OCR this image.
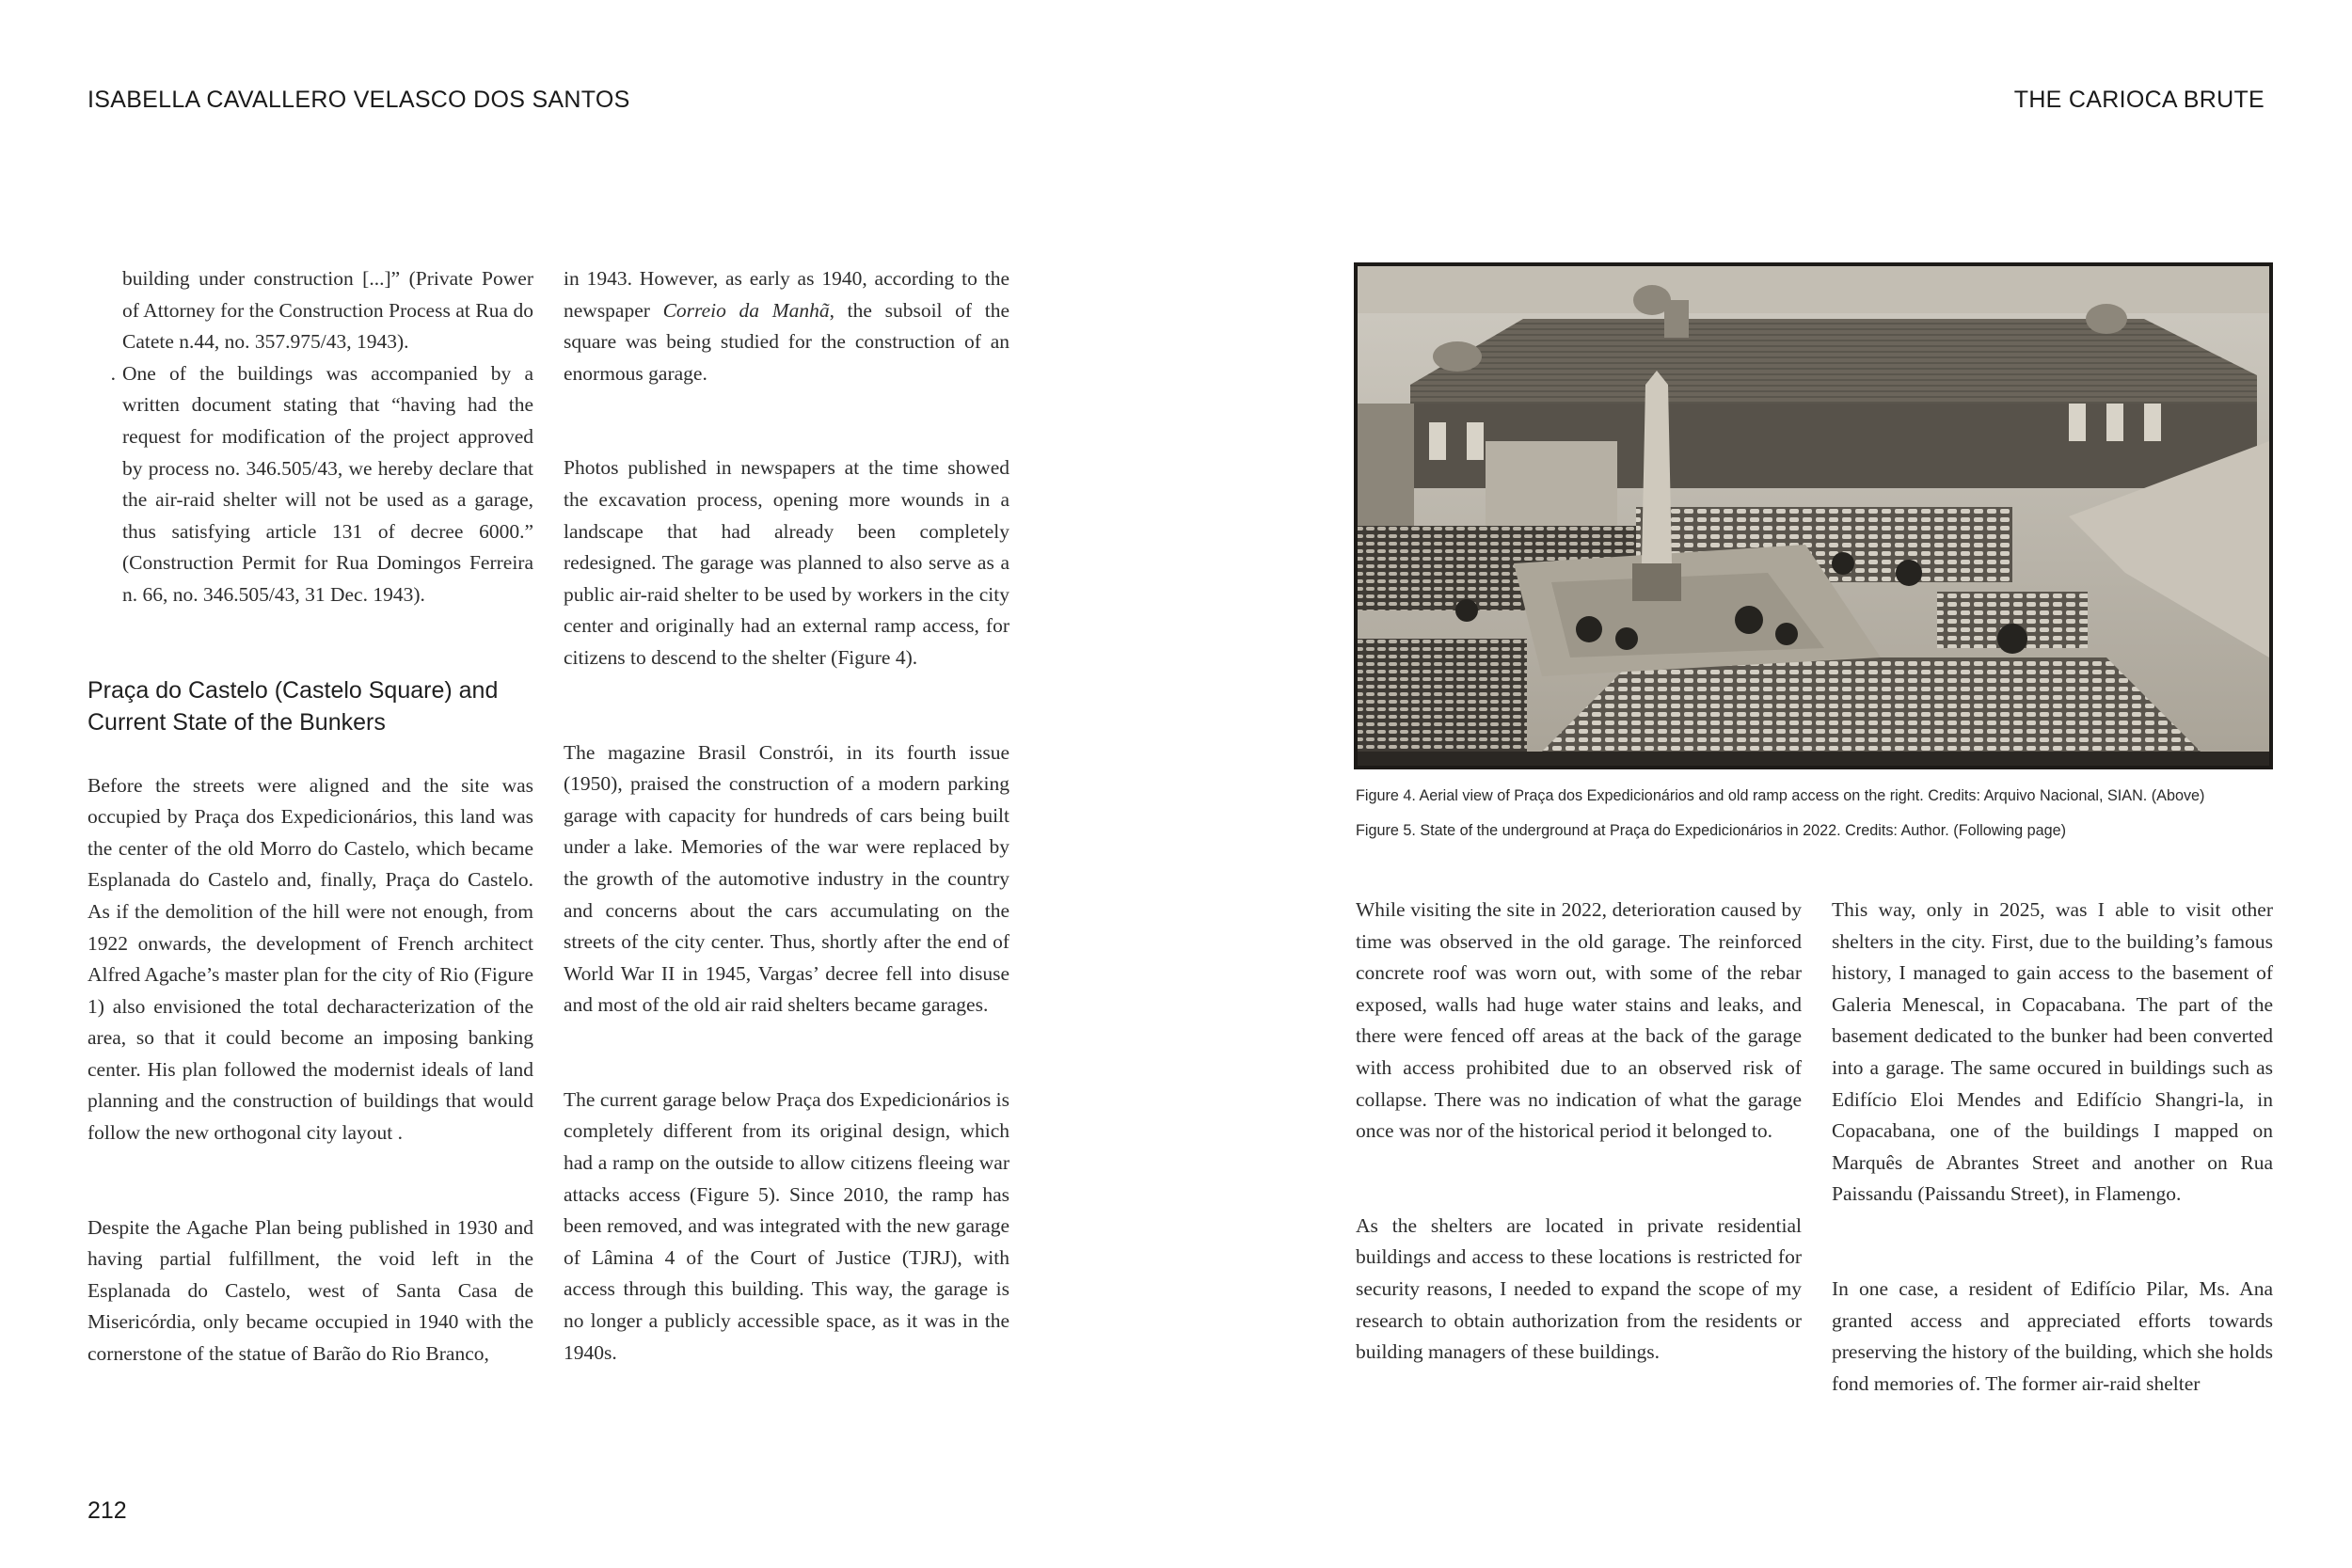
ISABELLA CAVALLERO VELASCO DOS SANTOS	THE CARIOCA BRUTE
building under construction [...]” (Private Power of Attorney for the Construction Process at Rua do Catete n.44, no. 357.975/43, 1943).
. One of the buildings was accompanied by a written document stating that “having had the request for modification of the project approved by process no. 346.505/43, we hereby declare that the air-raid shelter will not be used as a garage, thus satisfying article 131 of decree 6000.” (Construction Permit for Rua Domingos Ferreira n. 66, no. 346.505/43, 31 Dec. 1943).
Praça do Castelo (Castelo Square) and Current State of the Bunkers

Before the streets were aligned and the site was occupied by Praça dos Expedicionários, this land was the center of the old Morro do Castelo, which became Esplanada do Castelo and, finally, Praça do Castelo. As if the demolition of the hill were not enough, from 1922 onwards, the development of French architect Alfred Agache’s master plan for the city of Rio (Figure 1) also envisioned the total decharacterization of the area, so that it could become an imposing banking center. His plan followed the modernist ideals of land planning and the construction of buildings that would follow the new orthogonal city layout .

Despite the Agache Plan being published in 1930 and having partial fulfillment, the void left in the Esplanada do Castelo, west of Santa Casa de Misericórdia, only became occupied in 1940 with the cornerstone of the statue of Barão do Rio Branco,

in 1943. However, as early as 1940, according to the newspaper Correio da Manhã, the subsoil of the square was being studied for the construction of an enormous garage.

Photos published in newspapers at the time showed the excavation process, opening more wounds in a landscape that had already been completely redesigned. The garage was planned to also serve as a public air-raid shelter to be used by workers in the city center and originally had an external ramp access, for citizens to descend to the shelter (Figure 4).

The magazine Brasil Constrói, in its fourth issue (1950), praised the construction of a modern parking garage with capacity for hundreds of cars being built under a lake. Memories of the war were replaced by the growth of the automotive industry in the country and concerns about the cars accumulating on the streets of the city center. Thus, shortly after the end of World War II in 1945, Vargas’ decree fell into disuse and most of the old air raid shelters became garages.

The current garage below Praça dos Expedicionários is completely different from its original design, which had a ramp on the outside to allow citizens fleeing war attacks access (Figure 5). Since 2010, the ramp has been removed, and was integrated with the new garage of Lâmina 4 of the Court of Justice (TJRJ), with access through this building. This way, the garage is no longer a publicly accessible space, as it was in the 1940s.

Figure 4. Aerial view of Praça dos Expedicionários and old ramp access on the right. Credits: Arquivo Nacional, SIAN. (Above)
Figure 5. State of the underground at Praça do Expedicionários in 2022. Credits: Author. (Following page)

While visiting the site in 2022, deterioration caused by time was observed in the old garage. The reinforced concrete roof was worn out, with some of the rebar exposed, walls had huge water stains and leaks, and there were fenced off areas at the back of the garage with access prohibited due to an observed risk of collapse. There was no indication of what the garage once was nor of the historical period it belonged to.

As the shelters are located in private residential buildings and access to these locations is restricted for security reasons, I needed to expand the scope of my research to obtain authorization from the residents or building managers of these buildings.

This way, only in 2025, was I able to visit other shelters in the city. First, due to the building’s famous history, I managed to gain access to the basement of Galeria Menescal, in Copacabana. The part of the basement dedicated to the bunker had been converted into a garage. The same occured in buildings such as Edifício Eloi Mendes and Edifício Shangri-la, in Copacabana, one of the buildings I mapped on Marquês de Abrantes Street and another on Rua Paissandu (Paissandu Street), in Flamengo.

In one case, a resident of Edifício Pilar, Ms. Ana granted access and appreciated efforts towards preserving the history of the building, which she holds fond memories of. The former air-raid shelter

212
